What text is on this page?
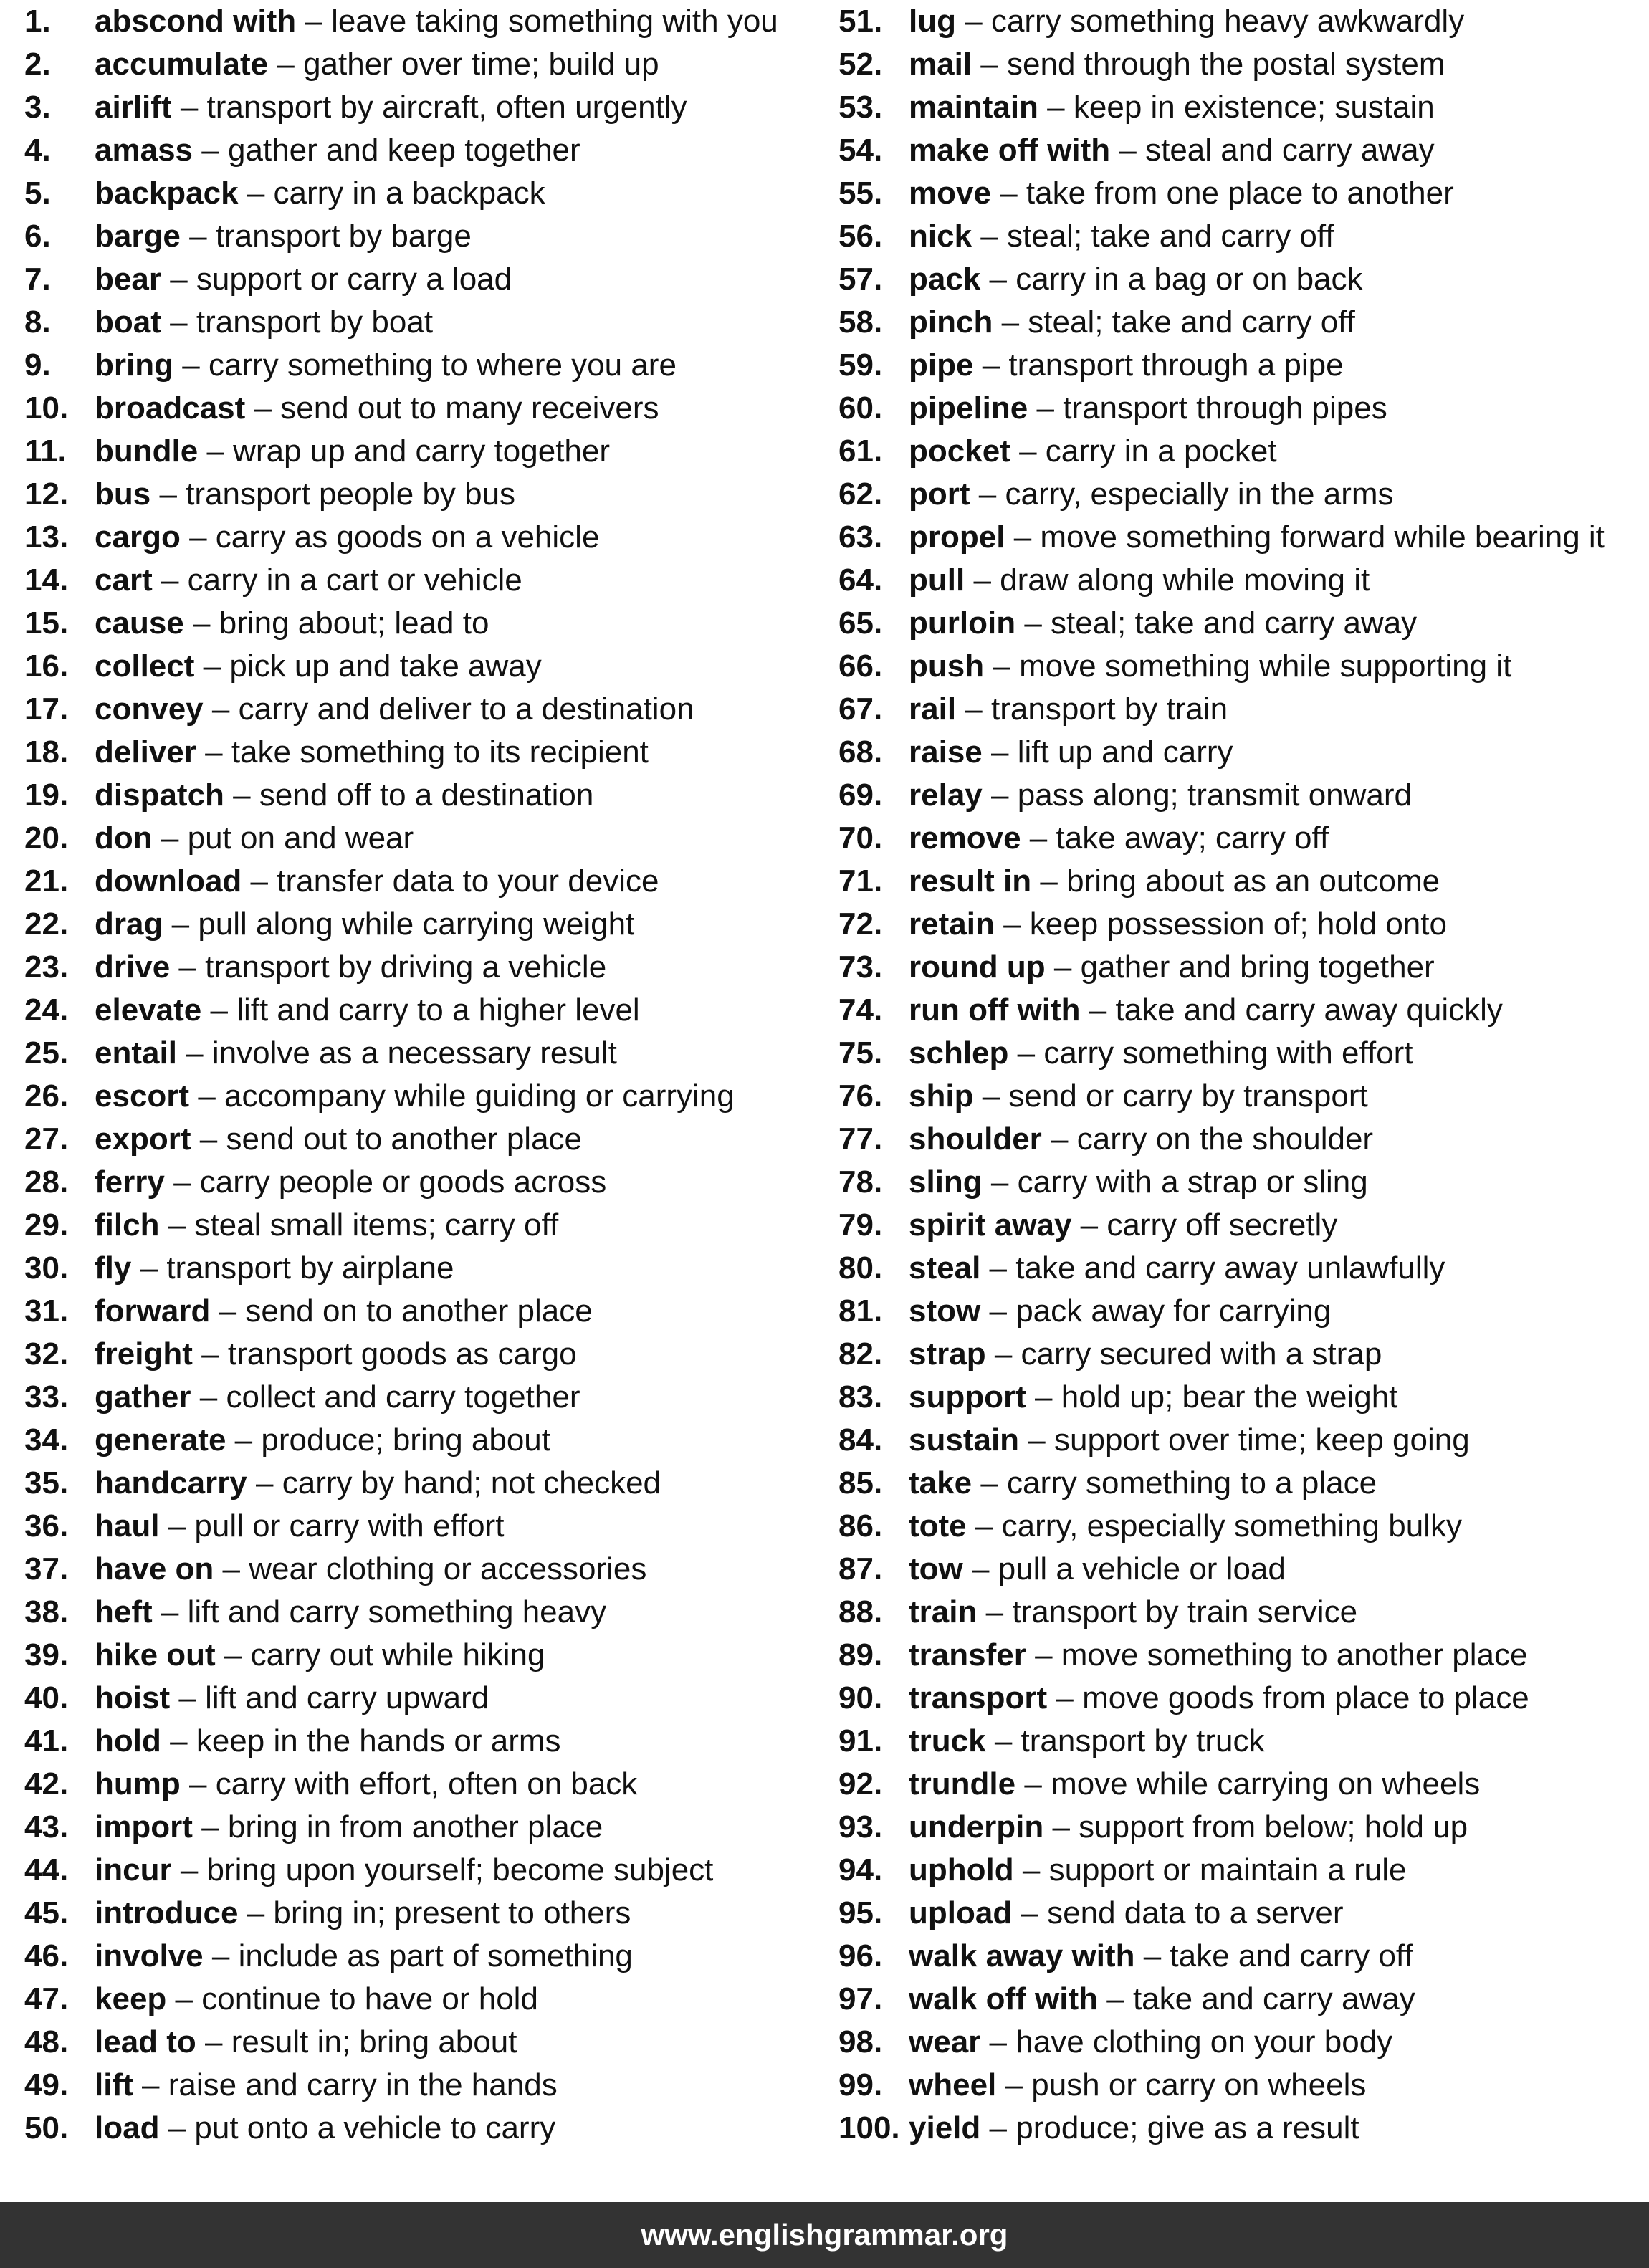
1. abscond with – leave taking something with you
2. accumulate – gather over time; build up
3. airlift – transport by aircraft, often urgently
4. amass – gather and keep together
5. backpack – carry in a backpack
6. barge – transport by barge
7. bear – support or carry a load
8. boat – transport by boat
9. bring – carry something to where you are
10. broadcast – send out to many receivers
11. bundle – wrap up and carry together
12. bus – transport people by bus
13. cargo – carry as goods on a vehicle
14. cart – carry in a cart or vehicle
15. cause – bring about; lead to
16. collect – pick up and take away
17. convey – carry and deliver to a destination
18. deliver – take something to its recipient
19. dispatch – send off to a destination
20. don – put on and wear
21. download – transfer data to your device
22. drag – pull along while carrying weight
23. drive – transport by driving a vehicle
24. elevate – lift and carry to a higher level
25. entail – involve as a necessary result
26. escort – accompany while guiding or carrying
27. export – send out to another place
28. ferry – carry people or goods across
29. filch – steal small items; carry off
30. fly – transport by airplane
31. forward – send on to another place
32. freight – transport goods as cargo
33. gather – collect and carry together
34. generate – produce; bring about
35. handcarry – carry by hand; not checked
36. haul – pull or carry with effort
37. have on – wear clothing or accessories
38. heft – lift and carry something heavy
39. hike out – carry out while hiking
40. hoist – lift and carry upward
41. hold – keep in the hands or arms
42. hump – carry with effort, often on back
43. import – bring in from another place
44. incur – bring upon yourself; become subject
45. introduce – bring in; present to others
46. involve – include as part of something
47. keep – continue to have or hold
48. lead to – result in; bring about
49. lift – raise and carry in the hands
50. load – put onto a vehicle to carry
51. lug – carry something heavy awkwardly
52. mail – send through the postal system
53. maintain – keep in existence; sustain
54. make off with – steal and carry away
55. move – take from one place to another
56. nick – steal; take and carry off
57. pack – carry in a bag or on back
58. pinch – steal; take and carry off
59. pipe – transport through a pipe
60. pipeline – transport through pipes
61. pocket – carry in a pocket
62. port – carry, especially in the arms
63. propel – move something forward while bearing it
64. pull – draw along while moving it
65. purloin – steal; take and carry away
66. push – move something while supporting it
67. rail – transport by train
68. raise – lift up and carry
69. relay – pass along; transmit onward
70. remove – take away; carry off
71. result in – bring about as an outcome
72. retain – keep possession of; hold onto
73. round up – gather and bring together
74. run off with – take and carry away quickly
75. schlep – carry something with effort
76. ship – send or carry by transport
77. shoulder – carry on the shoulder
78. sling – carry with a strap or sling
79. spirit away – carry off secretly
80. steal – take and carry away unlawfully
81. stow – pack away for carrying
82. strap – carry secured with a strap
83. support – hold up; bear the weight
84. sustain – support over time; keep going
85. take – carry something to a place
86. tote – carry, especially something bulky
87. tow – pull a vehicle or load
88. train – transport by train service
89. transfer – move something to another place
90. transport – move goods from place to place
91. truck – transport by truck
92. trundle – move while carrying on wheels
93. underpin – support from below; hold up
94. uphold – support or maintain a rule
95. upload – send data to a server
96. walk away with – take and carry off
97. walk off with – take and carry away
98. wear – have clothing on your body
99. wheel – push or carry on wheels
100. yield – produce; give as a result
www.englishgrammar.org
